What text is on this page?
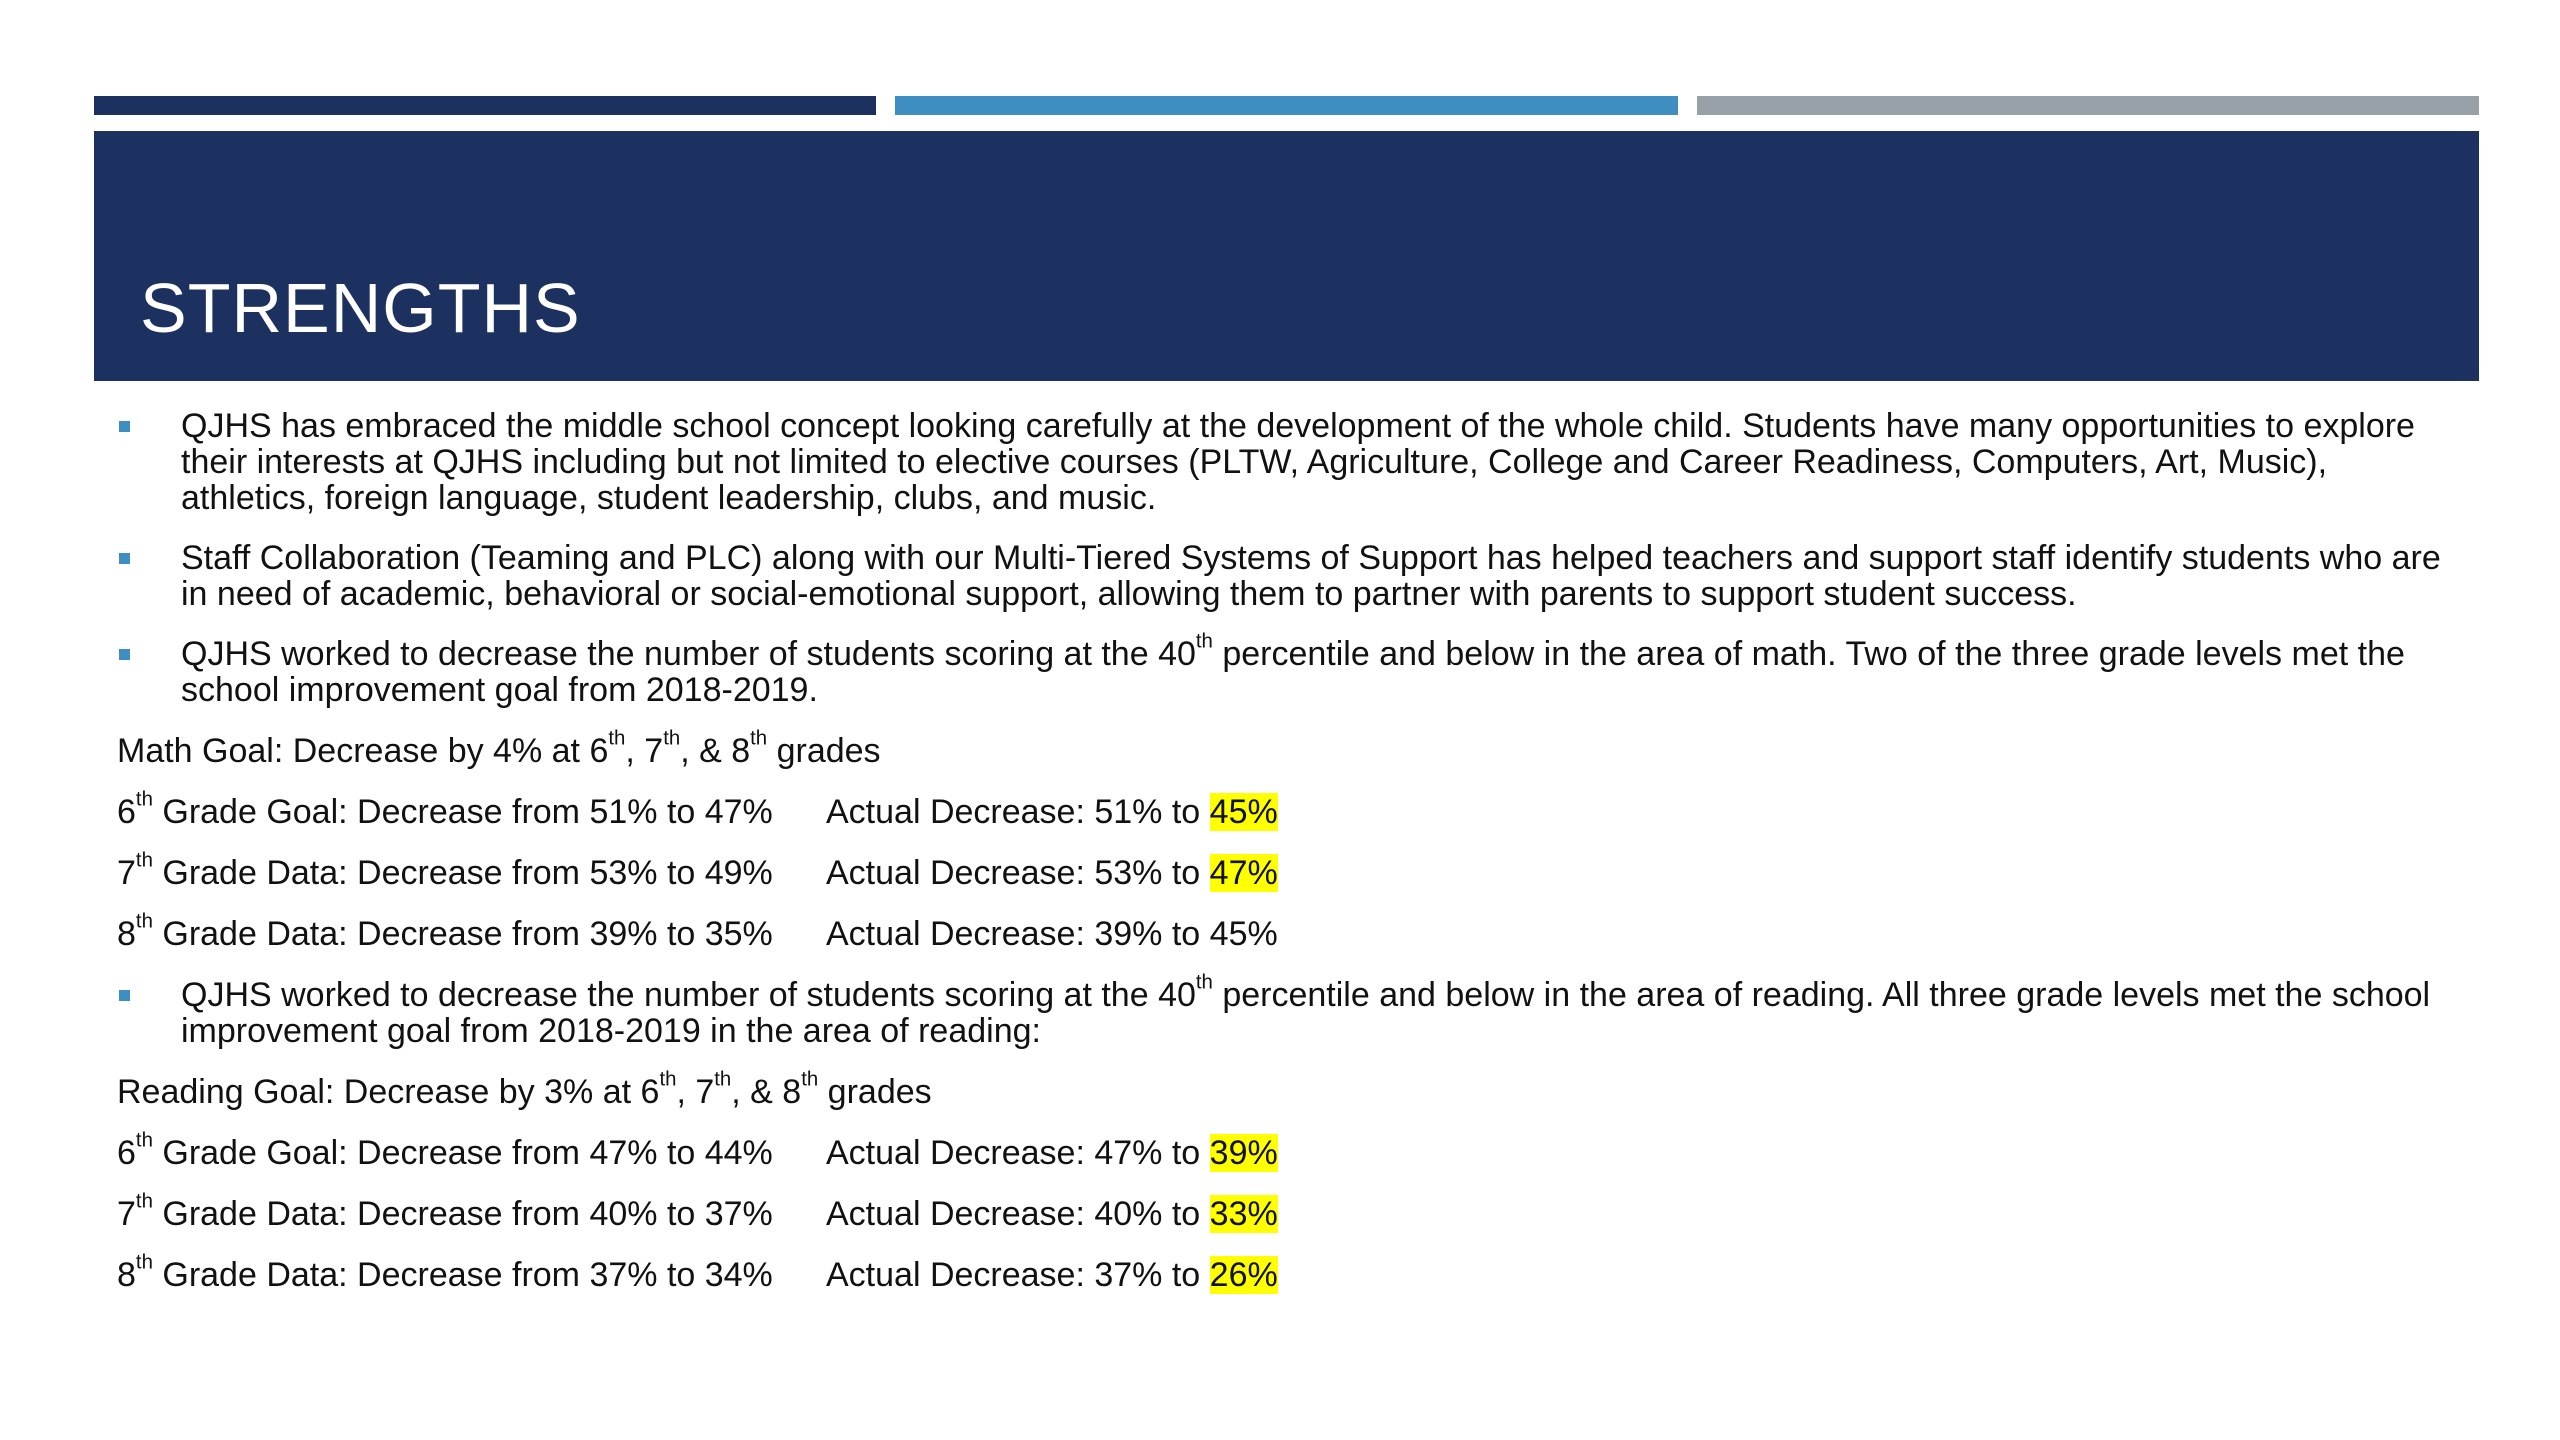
STRENGTHS
QJHS has embraced the middle school concept looking carefully at the development of the whole child. Students have many opportunities to explore their interests at QJHS including but not limited to elective courses (PLTW, Agriculture, College and Career Readiness, Computers, Art, Music), athletics, foreign language, student leadership, clubs, and music.
Staff Collaboration (Teaming and PLC) along with our Multi-Tiered Systems of Support has helped teachers and support staff identify students who are in need of academic, behavioral or social-emotional support, allowing them to partner with parents to support student success.
QJHS worked to decrease the number of students scoring at the 40th percentile and below in the area of math. Two of the three grade levels met the school improvement goal from 2018-2019.
Math Goal: Decrease by 4% at 6th, 7th, & 8th grades
6th Grade Goal: Decrease from 51% to 47% Actual Decrease: 51% to 45%
7th Grade Data: Decrease from 53% to 49% Actual Decrease: 53% to 47%
8th Grade Data: Decrease from 39% to 35% Actual Decrease: 39% to 45%
QJHS worked to decrease the number of students scoring at the 40th percentile and below in the area of reading. All three grade levels met the school improvement goal from 2018-2019 in the area of reading:
Reading Goal: Decrease by 3% at 6th, 7th, & 8th grades
6th Grade Goal: Decrease from 47% to 44% Actual Decrease: 47% to 39%
7th Grade Data: Decrease from 40% to 37% Actual Decrease: 40% to 33%
8th Grade Data: Decrease from 37% to 34% Actual Decrease: 37% to 26%
